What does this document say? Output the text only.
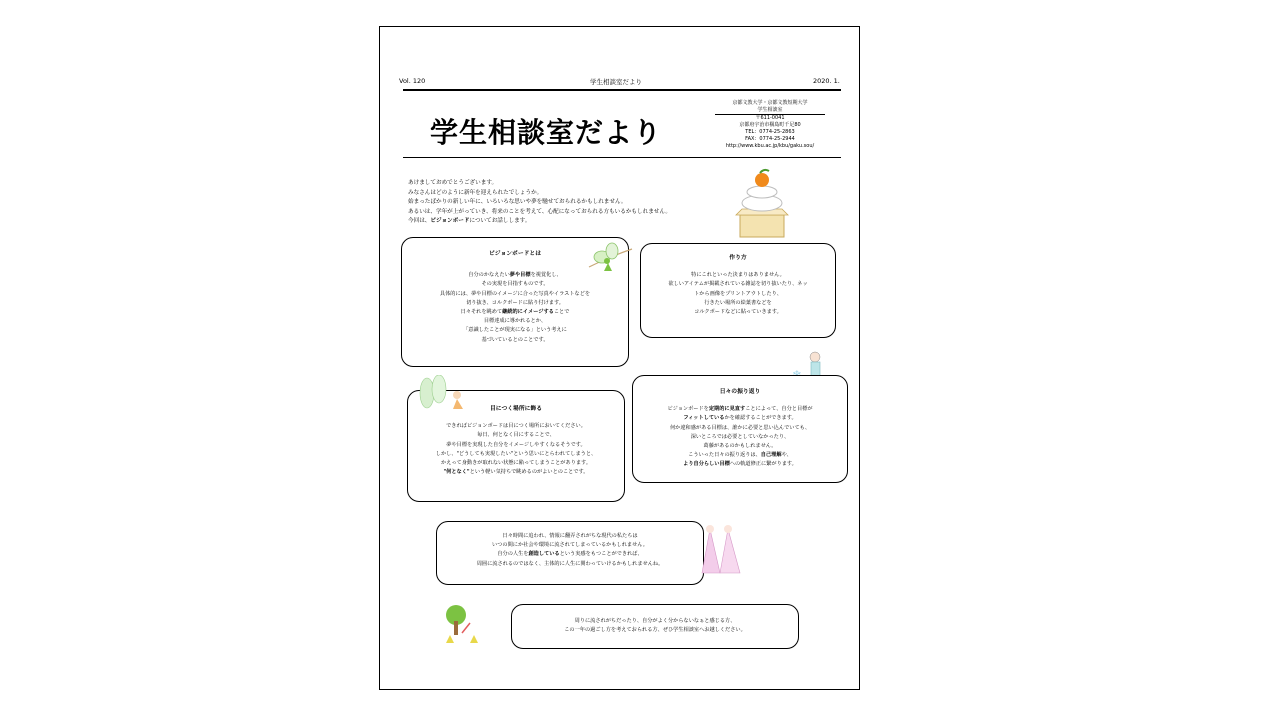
Vol. 120	学生相談室だより	2020. 1.
学生相談室だより
京都文教大学・京都文教短期大学
学生相談室
〒611-0041
京都府宇治市槇島町千足80
TEL：0774-25-2863
FAX：0774-25-2944
http://www.kbu.ac.jp/kbu/gaku.sou/
あけましておめでとうございます。
みなさんはどのように新年を迎えられたでしょうか。
始まったばかりの新しい年に、いろいろな思いや夢を馳せておられるかもしれません。
あるいは、学年が上がっていき、将来のことを考えて、心配になっておられる方もいるかもしれません。
今回は、ビジョンボードについてお話しします。
ビジョンボードとは
自分のかなえたい夢や目標を視覚化し、
その実現を目指すものです。
具体的には、夢や目標のイメージに合った写真やイラストなどを
切り抜き、コルクボードに貼り付けます。
日々それを眺めて継続的にイメージすることで
目標達成に導かれるとか、
「意識したことが現実になる」という考えに
基づいているとのことです。
作り方
特にこれといった決まりはありません。
欲しいアイテムが掲載されている雑誌を切り抜いたり、ネッ
トから画像をプリントアウトしたり、
行きたい場所の絵葉書などを
コルクボードなどに貼っていきます。
目につく場所に飾る
できればビジョンボードは目につく場所においてください。
毎日、何となく目にすることで、
夢や目標を実現した自分をイメージしやすくなるそうです。
しかし、"どうしても実現したい"という思いにとらわれてしまうと、
かえって身動きが取れない状態に陥ってしまうことがあります。
"何となく"という軽い気持ちで眺めるのがよいとのことです。
日々の振り返り
ビジョンボードを定期的に見直すことによって、自分と目標が
フィットしているかを確認することができます。
何か違和感がある目標は、誰かに必要と思い込んでいても、
深いところでは必要としていなかったり、
葛藤があるのかもしれません。
こういった日々の振り返りは、自己理解や、
より自分らしい目標への軌道修正に繋がります。
日々時間に追われ、情報に翻弄されがちな現代の私たちは
いつの間にか社会や環境に流されてしまっているかもしれません。
自分の人生を創造しているという実感をもつことができれば、
周囲に流されるのではなく、主体的に人生に関わっていけるかもしれませんね。
周りに流されがちだったり、自分がよく分からないなぁと感じる方、
この一年の過ごし方を考えておられる方、ぜひ学生相談室へお越しください。
